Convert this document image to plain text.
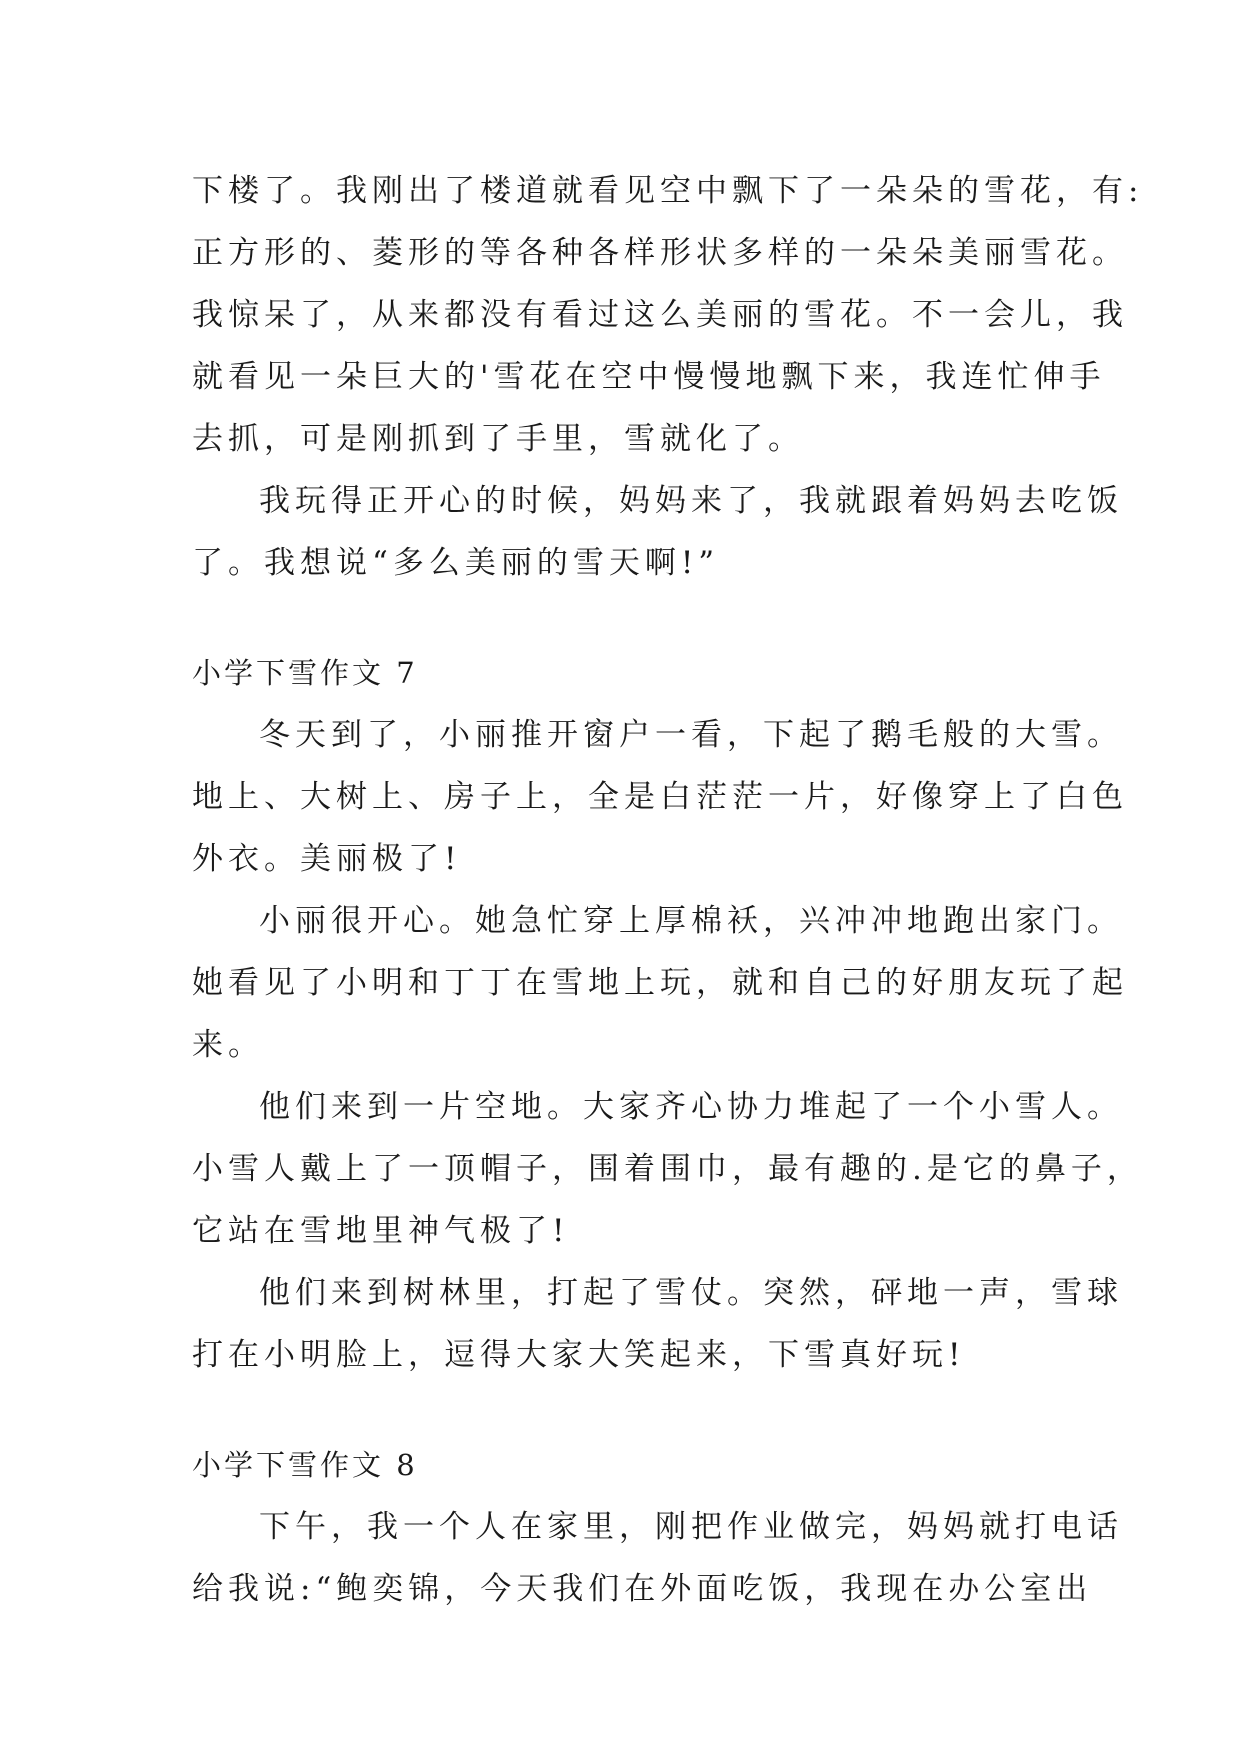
下楼了。我刚出了楼道就看见空中飘下了一朵朵的雪花，有:
正方形的、菱形的等各种各样形状多样的一朵朵美丽雪花。
我惊呆了，从来都没有看过这么美丽的雪花。不一会儿，我
就看见一朵巨大的'雪花在空中慢慢地飘下来，我连忙伸手
去抓，可是刚抓到了手里，雪就化了。
我玩得正开心的时候，妈妈来了，我就跟着妈妈去吃饭
了。我想说“多么美丽的雪天啊!”
小学下雪作文 7
冬天到了，小丽推开窗户一看，下起了鹅毛般的大雪。
地上、大树上、房子上，全是白茫茫一片，好像穿上了白色
外衣。美丽极了!
小丽很开心。她急忙穿上厚棉袄，兴冲冲地跑出家门。
她看见了小明和丁丁在雪地上玩，就和自己的好朋友玩了起
来。
他们来到一片空地。大家齐心协力堆起了一个小雪人。
小雪人戴上了一顶帽子，围着围巾，最有趣的.是它的鼻子，
它站在雪地里神气极了!
他们来到树林里，打起了雪仗。突然，砰地一声，雪球
打在小明脸上，逗得大家大笑起来，下雪真好玩!
小学下雪作文 8
下午，我一个人在家里，刚把作业做完，妈妈就打电话
给我说:“鲍奕锦，今天我们在外面吃饭，我现在办公室出
